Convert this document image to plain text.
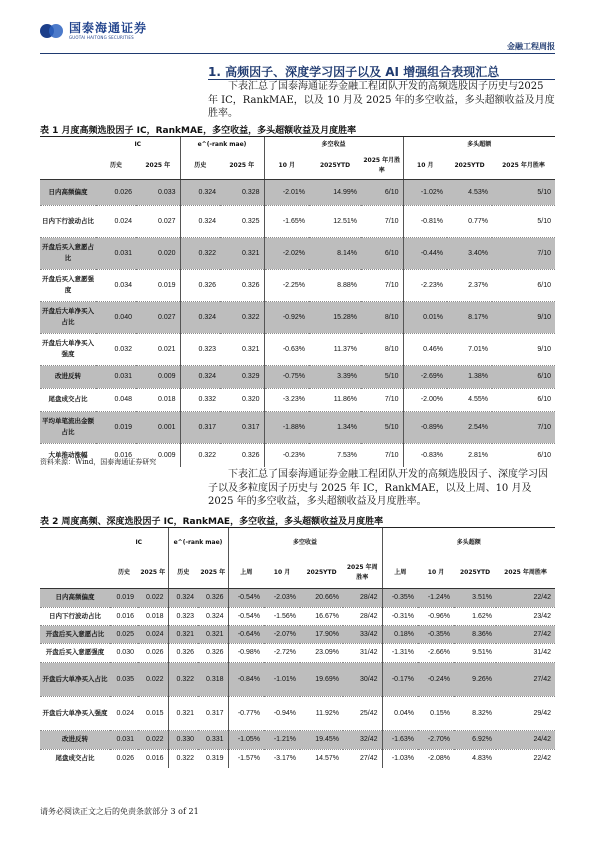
国泰海通证券
GUOTAI HAITONG SECURITIES
金融工程周报
1. 高频因子、深度学习因子以及 AI 增强组合表现汇总
下表汇总了国泰海通证券金融工程团队开发的高频选股因子历史与2025 年 IC，RankMAE，以及 10 月及 2025 年的多空收益，多头超额收益及月度胜率。
表 1 月度高频选股因子 IC，RankMAE，多空收益，多头超额收益及月度胜率
	IC		e^(-rank mae)		多空收益			多头超额		
	历史	2025 年	历史	2025 年	10 月	2025YTD	2025 年月胜率	10 月	2025YTD	2025 年月胜率
日内高频偏度	0.026	0.033	0.324	0.328	-2.01%	14.99%	6/10	-1.02%	4.53%	5/10
日内下行波动占比	0.024	0.027	0.324	0.325	-1.65%	12.51%	7/10	-0.81%	0.77%	5/10
开盘后买入意愿占比	0.031	0.020	0.322	0.321	-2.02%	8.14%	6/10	-0.44%	3.40%	7/10
开盘后买入意愿强度	0.034	0.019	0.326	0.326	-2.25%	8.88%	7/10	-2.23%	2.37%	6/10
开盘后大单净买入占比	0.040	0.027	0.324	0.322	-0.92%	15.28%	8/10	0.01%	8.17%	9/10
开盘后大单净买入强度	0.032	0.021	0.323	0.321	-0.63%	11.37%	8/10	0.46%	7.01%	9/10
改进反转	0.031	0.009	0.324	0.329	-0.75%	3.39%	5/10	-2.69%	1.38%	6/10
尾盘成交占比	0.048	0.018	0.332	0.320	-3.23%	11.86%	7/10	-2.00%	4.55%	6/10
平均单笔流出金额占比	0.019	0.001	0.317	0.317	-1.88%	1.34%	5/10	-0.89%	2.54%	7/10
大单推动涨幅	0.016	0.009	0.322	0.326	-0.23%	7.53%	7/10	-0.83%	2.81%	6/10
资料来源：Wind，国泰海通证券研究
下表汇总了国泰海通证券金融工程团队开发的高频选股因子、深度学习因子以及多粒度因子历史与 2025 年 IC，RankMAE，以及上周、10 月及 2025 年的多空收益，多头超额收益及月度胜率。
表 2 周度高频、深度选股因子 IC，RankMAE，多空收益，多头超额收益及月度胜率
	IC		e^(-rank mae)		多空收益				多头超额			
	历史	2025 年	历史	2025 年	上周	10 月	2025YTD	2025 年周胜率	上周	10 月	2025YTD	2025 年周胜率
日内高频偏度	0.019	0.022	0.324	0.326	-0.54%	-2.03%	20.66%	28/42	-0.35%	-1.24%	3.51%	22/42
日内下行波动占比	0.016	0.018	0.323	0.324	-0.54%	-1.56%	16.67%	28/42	-0.31%	-0.96%	1.62%	23/42
开盘后买入意愿占比	0.025	0.024	0.321	0.321	-0.64%	-2.07%	17.90%	33/42	0.18%	-0.35%	8.36%	27/42
开盘后买入意愿强度	0.030	0.026	0.326	0.326	-0.98%	-2.72%	23.09%	31/42	-1.31%	-2.66%	9.51%	31/42
开盘后大单净买入占比	0.035	0.022	0.322	0.318	-0.84%	-1.01%	19.69%	30/42	-0.17%	-0.24%	9.26%	27/42
开盘后大单净买入强度	0.024	0.015	0.321	0.317	-0.77%	-0.94%	11.92%	25/42	0.04%	0.15%	8.32%	29/42
改进反转	0.031	0.022	0.330	0.331	-1.05%	-1.21%	19.45%	32/42	-1.63%	-2.70%	6.92%	24/42
尾盘成交占比	0.026	0.016	0.322	0.319	-1.57%	-3.17%	14.57%	27/42	-1.03%	-2.08%	4.83%	22/42
请务必阅读正文之后的免责条款部分 3 of 21
